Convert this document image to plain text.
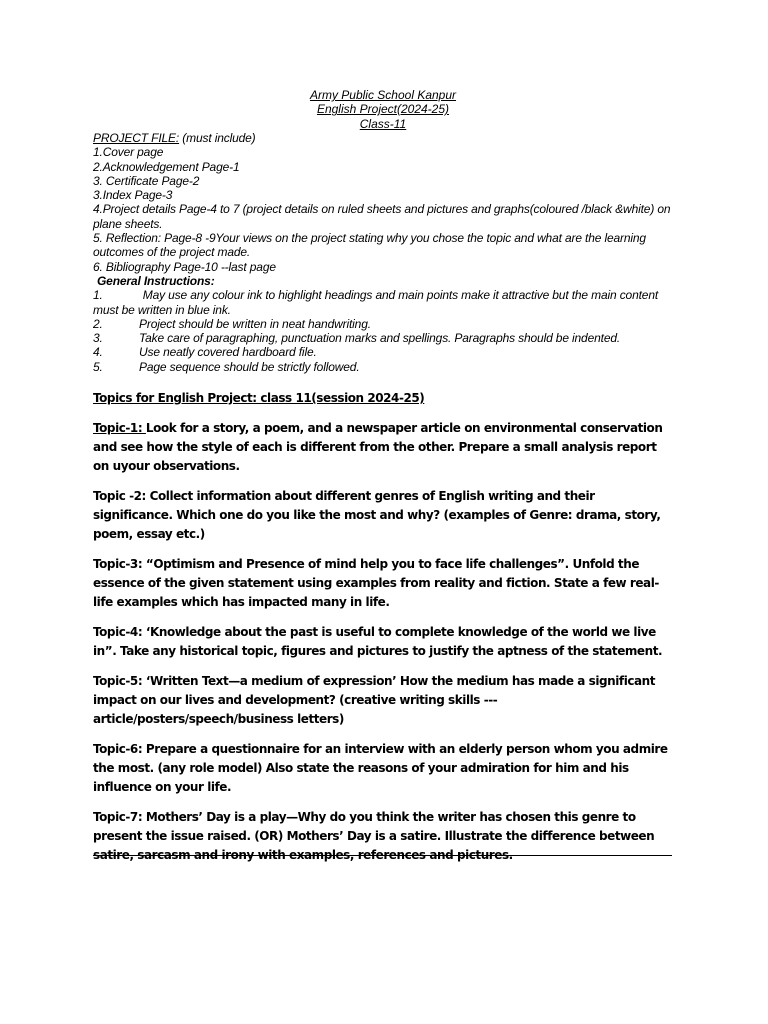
Army Public School Kanpur
English Project(2024-25)
Class-11
PROJECT FILE: (must include)
1.Cover page
2.Acknowledgement Page-1
3. Certificate Page-2
3.Index Page-3
4.Project details Page-4 to 7 (project details on ruled sheets and pictures and graphs(coloured /black &white) on plane sheets.
5. Reflection: Page-8 -9Your views on the project stating why you chose the topic and what are the learning outcomes of the project made.
6. Bibliography Page-10 --last page
General Instructions:
1.	May use any colour ink to highlight headings and main points make it attractive but the main content must be written in blue ink.
2.	Project should be written in neat handwriting.
3.	Take care of paragraphing, punctuation marks and spellings. Paragraphs should be indented.
4.	Use neatly covered hardboard file.
5.	Page sequence should be strictly followed.

Topics for English Project: class 11(session 2024-25)

Topic-1: Look for a story, a poem, and a newspaper article on environmental conservation and see how the style of each is different from the other. Prepare a small analysis report on uyour observations.

Topic -2: Collect information about different genres of English writing and their significance. Which one do you like the most and why? (examples of Genre: drama, story, poem, essay etc.)

Topic-3: “Optimism and Presence of mind help you to face life challenges”. Unfold the essence of the given statement using examples from reality and fiction. State a few real-life examples which has impacted many in life.

Topic-4: ‘Knowledge about the past is useful to complete knowledge of the world we live in”. Take any historical topic, figures and pictures to justify the aptness of the statement.

Topic-5: ‘Written Text—a medium of expression’ How the medium has made a significant impact on our lives and development? (creative writing skills --- article/posters/speech/business letters)

Topic-6: Prepare a questionnaire for an interview with an elderly person whom you admire the most. (any role model) Also state the reasons of your admiration for him and his influence on your life.

Topic-7: Mothers’ Day is a play—Why do you think the writer has chosen this genre to present the issue raised. (OR) Mothers’ Day is a satire. Illustrate the difference between satire, sarcasm and irony with examples, references and pictures.
